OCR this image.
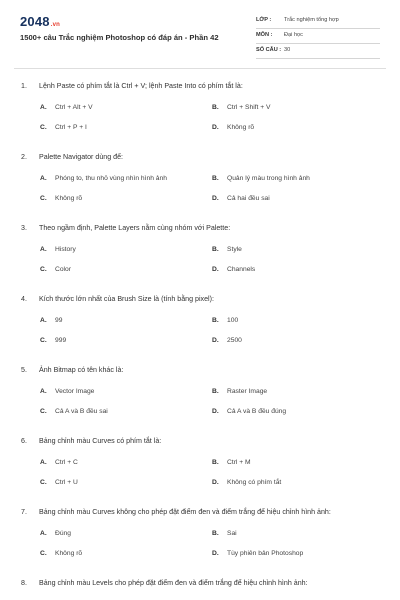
2048.vn
1500+ câu Trắc nghiệm Photoshop có đáp án - Phần 42
LỚP : Trắc nghiệm tổng hợp
MÔN : Đại học
SỐ CÂU : 30
1. Lệnh Paste có phím tắt là Ctrl + V; lệnh Paste Into có phím tắt là:
A. Ctrl + Alt + V	B. Ctrl + Shift + V
C. Ctrl + P + I	D. Không rõ
2. Palette Navigator dùng để:
A. Phóng to, thu nhỏ vùng nhìn hình ảnh	B. Quản lý màu trong hình ảnh
C. Không rõ	D. Cả hai đều sai
3. Theo ngầm định, Palette Layers nằm cùng nhóm với Palette:
A. History	B. Style
C. Color	D. Channels
4. Kích thước lớn nhất của Brush Size là (tính bằng pixel):
A. 99	B. 100
C. 999	D. 2500
5. Ảnh Bitmap có tên khác là:
A. Vector Image	B. Raster Image
C. Cả A và B đều sai	D. Cả A và B đều đúng
6. Bảng chỉnh màu Curves có phím tắt là:
A. Ctrl + C	B. Ctrl + M
C. Ctrl + U	D. Không có phím tắt
7. Bảng chỉnh màu Curves không cho phép đặt điểm đen và điểm trắng để hiệu chỉnh hình ảnh:
A. Đúng	B. Sai
C. Không rõ	D. Tùy phiên bản Photoshop
8. Bảng chỉnh màu Levels cho phép đặt điểm đen và điểm trắng để hiệu chỉnh hình ảnh:
